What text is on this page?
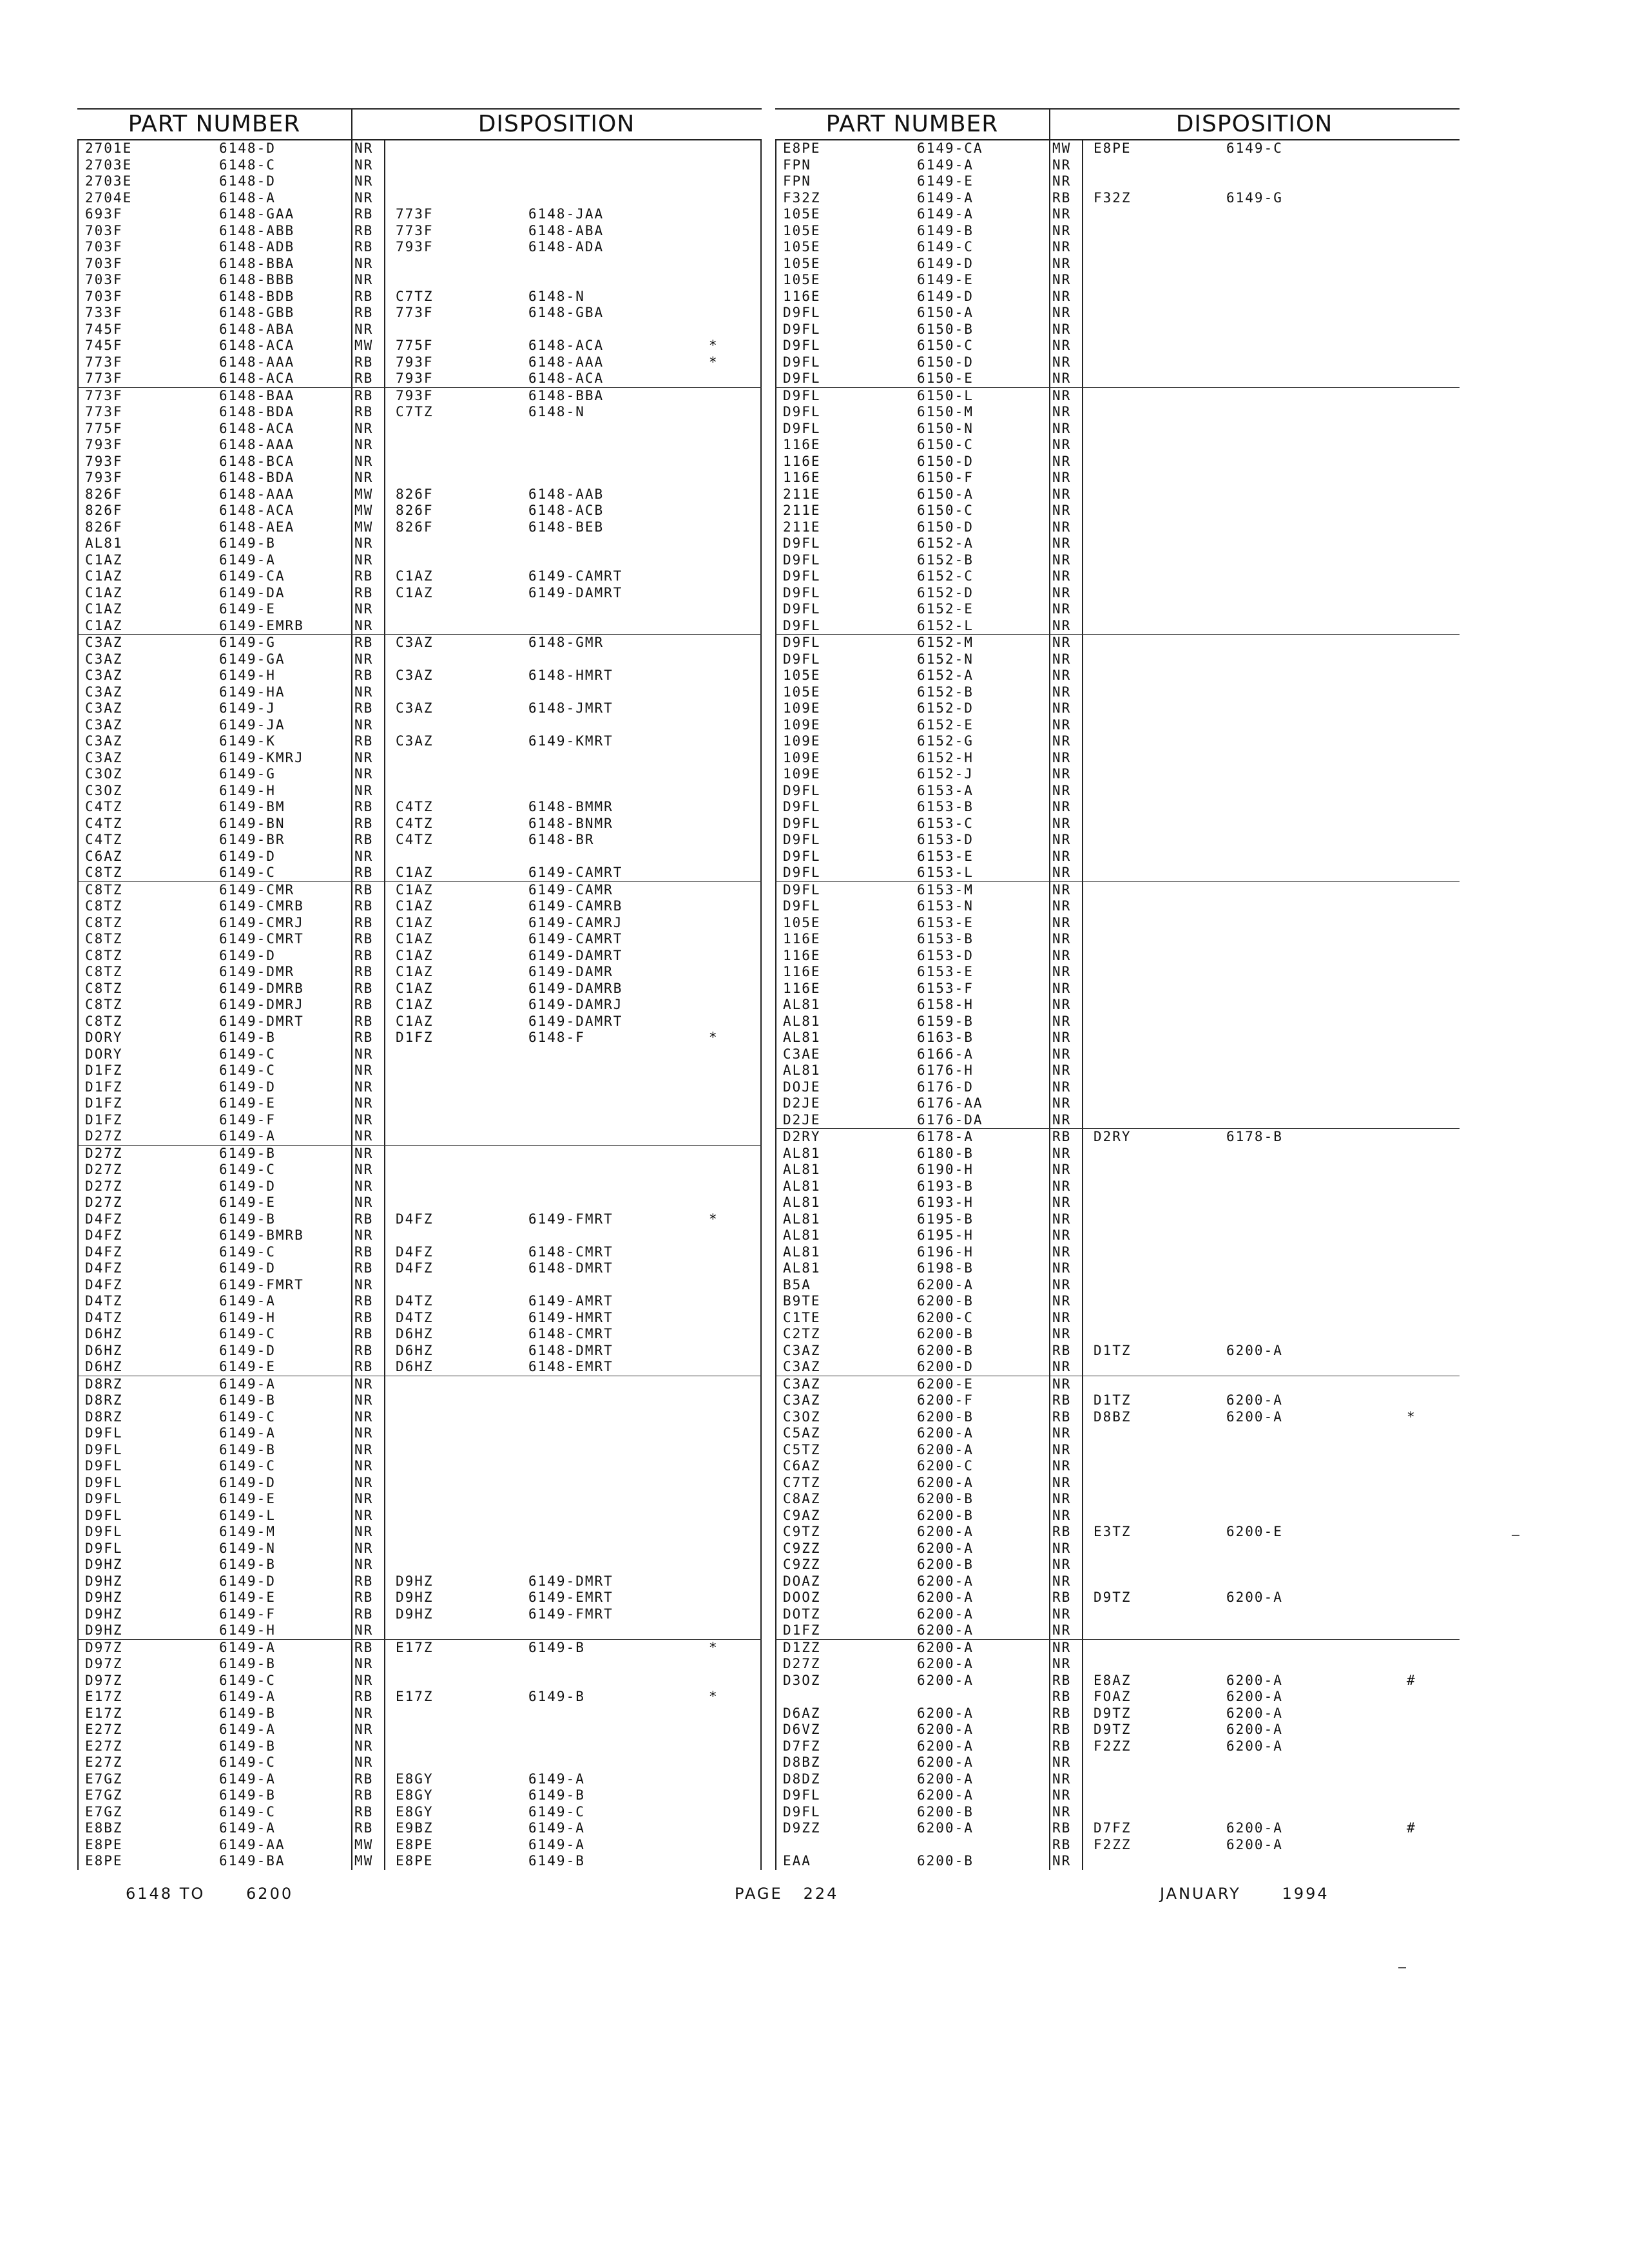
PART NUMBER	DISPOSITION
2701E	6148-D	NR
2703E	6148-C	NR
2703E	6148-D	NR
2704E	6148-A	NR
693F	6148-GAA	RB 773F	6148-JAA
703F	6148-ABB	RB 773F	6148-ABA
703F	6148-ADB	RB 793F	6148-ADA
703F	6148-BBA	NR
703F	6148-BBB	NR
703F	6148-BDB	RB C7TZ	6148-N
733F	6148-GBB	RB 773F	6148-GBA
745F	6148-ABA	NR
745F	6148-ACA	MW 775F	6148-ACA	*
773F	6148-AAA	RB 793F	6148-AAA	*
773F	6148-ACA	RB 793F	6148-ACA
773F	6148-BAA	RB 793F	6148-BBA
773F	6148-BDA	RB C7TZ	6148-N
775F	6148-ACA	NR
793F	6148-AAA	NR
793F	6148-BCA	NR
793F	6148-BDA	NR
826F	6148-AAA	MW 826F	6148-AAB
826F	6148-ACA	MW 826F	6148-ACB
826F	6148-AEA	MW 826F	6148-BEB
AL81	6149-B	NR
C1AZ	6149-A	NR
C1AZ	6149-CA	RB C1AZ	6149-CAMRT
C1AZ	6149-DA	RB C1AZ	6149-DAMRT
C1AZ	6149-E	NR
C1AZ	6149-EMRB	NR
C3AZ	6149-G	RB C3AZ	6148-GMR
C3AZ	6149-GA	NR
C3AZ	6149-H	RB C3AZ	6148-HMRT
C3AZ	6149-HA	NR
C3AZ	6149-J	RB C3AZ	6148-JMRT
C3AZ	6149-JA	NR
C3AZ	6149-K	RB C3AZ	6149-KMRT
C3AZ	6149-KMRJ	NR
C3OZ	6149-G	NR
C3OZ	6149-H	NR
C4TZ	6149-BM	RB C4TZ	6148-BMMR
C4TZ	6149-BN	RB C4TZ	6148-BNMR
C4TZ	6149-BR	RB C4TZ	6148-BR
C6AZ	6149-D	NR
C8TZ	6149-C	RB C1AZ	6149-CAMRT
C8TZ	6149-CMR	RB C1AZ	6149-CAMR
C8TZ	6149-CMRB	RB C1AZ	6149-CAMRB
C8TZ	6149-CMRJ	RB C1AZ	6149-CAMRJ
C8TZ	6149-CMRT	RB C1AZ	6149-CAMRT
C8TZ	6149-D	RB C1AZ	6149-DAMRT
C8TZ	6149-DMR	RB C1AZ	6149-DAMR
C8TZ	6149-DMRB	RB C1AZ	6149-DAMRB
C8TZ	6149-DMRJ	RB C1AZ	6149-DAMRJ
C8TZ	6149-DMRT	RB C1AZ	6149-DAMRT
DORY	6149-B	RB D1FZ	6148-F	*
DORY	6149-C	NR
D1FZ	6149-C	NR
D1FZ	6149-D	NR
D1FZ	6149-E	NR
D1FZ	6149-F	NR
D27Z	6149-A	NR
D27Z	6149-B	NR
D27Z	6149-C	NR
D27Z	6149-D	NR
D27Z	6149-E	NR
D4FZ	6149-B	RB D4FZ	6149-FMRT	*
D4FZ	6149-BMRB	NR
D4FZ	6149-C	RB D4FZ	6148-CMRT
D4FZ	6149-D	RB D4FZ	6148-DMRT
D4FZ	6149-FMRT	NR
D4TZ	6149-A	RB D4TZ	6149-AMRT
D4TZ	6149-H	RB D4TZ	6149-HMRT
D6HZ	6149-C	RB D6HZ	6148-CMRT
D6HZ	6149-D	RB D6HZ	6148-DMRT
D6HZ	6149-E	RB D6HZ	6148-EMRT
D8RZ	6149-A	NR
D8RZ	6149-B	NR
D8RZ	6149-C	NR
D9FL	6149-A	NR
D9FL	6149-B	NR
D9FL	6149-C	NR
D9FL	6149-D	NR
D9FL	6149-E	NR
D9FL	6149-L	NR
D9FL	6149-M	NR
D9FL	6149-N	NR
D9HZ	6149-B	NR
D9HZ	6149-D	RB D9HZ	6149-DMRT
D9HZ	6149-E	RB D9HZ	6149-EMRT
D9HZ	6149-F	RB D9HZ	6149-FMRT
D9HZ	6149-H	NR
D97Z	6149-A	RB E17Z	6149-B	*
D97Z	6149-B	NR
D97Z	6149-C	NR
E17Z	6149-A	RB E17Z	6149-B	*
E17Z	6149-B	NR
E27Z	6149-A	NR
E27Z	6149-B	NR
E27Z	6149-C	NR
E7GZ	6149-A	RB E8GY	6149-A
E7GZ	6149-B	RB E8GY	6149-B
E7GZ	6149-C	RB E8GY	6149-C
E8BZ	6149-A	RB E9BZ	6149-A
E8PE	6149-AA	MW E8PE	6149-A
E8PE	6149-BA	MW E8PE	6149-B
PART NUMBER	DISPOSITION
E8PE	6149-CA	MW E8PE	6149-C
FPN	6149-A	NR
FPN	6149-E	NR
F32Z	6149-A	RB F32Z	6149-G
105E	6149-A	NR
105E	6149-B	NR
105E	6149-C	NR
105E	6149-D	NR
105E	6149-E	NR
116E	6149-D	NR
D9FL	6150-A	NR
D9FL	6150-B	NR
D9FL	6150-C	NR
D9FL	6150-D	NR
D9FL	6150-E	NR
D9FL	6150-L	NR
D9FL	6150-M	NR
D9FL	6150-N	NR
116E	6150-C	NR
116E	6150-D	NR
116E	6150-F	NR
211E	6150-A	NR
211E	6150-C	NR
211E	6150-D	NR
D9FL	6152-A	NR
D9FL	6152-B	NR
D9FL	6152-C	NR
D9FL	6152-D	NR
D9FL	6152-E	NR
D9FL	6152-L	NR
D9FL	6152-M	NR
D9FL	6152-N	NR
105E	6152-A	NR
105E	6152-B	NR
109E	6152-D	NR
109E	6152-E	NR
109E	6152-G	NR
109E	6152-H	NR
109E	6152-J	NR
D9FL	6153-A	NR
D9FL	6153-B	NR
D9FL	6153-C	NR
D9FL	6153-D	NR
D9FL	6153-E	NR
D9FL	6153-L	NR
D9FL	6153-M	NR
D9FL	6153-N	NR
105E	6153-E	NR
116E	6153-B	NR
116E	6153-D	NR
116E	6153-E	NR
116E	6153-F	NR
AL81	6158-H	NR
AL81	6159-B	NR
AL81	6163-B	NR
C3AE	6166-A	NR
AL81	6176-H	NR
DOJE	6176-D	NR
D2JE	6176-AA	NR
D2JE	6176-DA	NR
D2RY	6178-A	RB D2RY	6178-B
AL81	6180-B	NR
AL81	6190-H	NR
AL81	6193-B	NR
AL81	6193-H	NR
AL81	6195-B	NR
AL81	6195-H	NR
AL81	6196-H	NR
AL81	6198-B	NR
B5A	6200-A	NR
B9TE	6200-B	NR
C1TE	6200-C	NR
C2TZ	6200-B	NR
C3AZ	6200-B	RB D1TZ	6200-A
C3AZ	6200-D	NR
C3AZ	6200-E	NR
C3AZ	6200-F	RB D1TZ	6200-A
C3OZ	6200-B	RB D8BZ	6200-A	*
C5AZ	6200-A	NR
C5TZ	6200-A	NR
C6AZ	6200-C	NR
C7TZ	6200-A	NR
C8AZ	6200-B	NR
C9AZ	6200-B	NR
C9TZ	6200-A	RB E3TZ	6200-E
C9ZZ	6200-A	NR
C9ZZ	6200-B	NR
DOAZ	6200-A	NR
DOOZ	6200-A	RB D9TZ	6200-A
DOTZ	6200-A	NR
D1FZ	6200-A	NR
D1ZZ	6200-A	NR
D27Z	6200-A	NR
D3OZ	6200-A	RB E8AZ	6200-A	#
RB FOAZ	6200-A
D6AZ	6200-A	RB D9TZ	6200-A
D6VZ	6200-A	RB D9TZ	6200-A
D7FZ	6200-A	RB F2ZZ	6200-A
D8BZ	6200-A	NR
D8DZ	6200-A	NR
D9FL	6200-A	NR
D9FL	6200-B	NR
D9ZZ	6200-A	RB D7FZ	6200-A	#
RB F2ZZ	6200-A
EAA	6200-B	NR
6148 TO      6200	PAGE   224	JANUARY      1994
